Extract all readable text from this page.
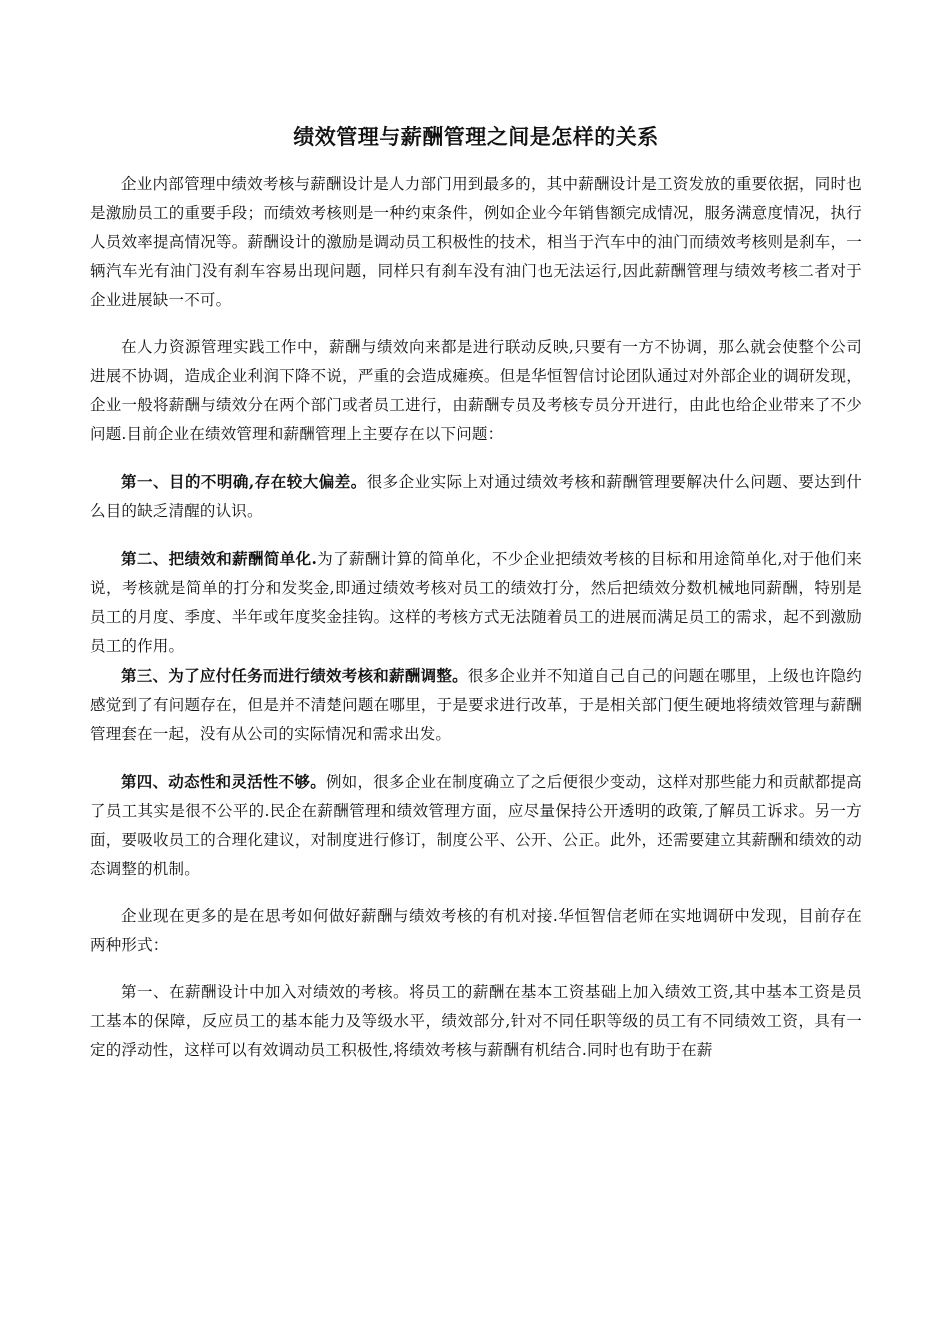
绩效管理与薪酬管理之间是怎样的关系

企业内部管理中绩效考核与薪酬设计是人力部门用到最多的，其中薪酬设计是工资发放的重要依据，同时也是激励员工的重要手段；而绩效考核则是一种约束条件，例如企业今年销售额完成情况，服务满意度情况，执行人员效率提高情况等。薪酬设计的激励是调动员工积极性的技术，相当于汽车中的油门而绩效考核则是刹车，一辆汽车光有油门没有刹车容易出现问题，同样只有刹车没有油门也无法运行,因此薪酬管理与绩效考核二者对于企业进展缺一不可。

在人力资源管理实践工作中，薪酬与绩效向来都是进行联动反映,只要有一方不协调，那么就会使整个公司进展不协调，造成企业利润下降不说，严重的会造成瘫痪。但是华恒智信讨论团队通过对外部企业的调研发现，企业一般将薪酬与绩效分在两个部门或者员工进行，由薪酬专员及考核专员分开进行，由此也给企业带来了不少问题.目前企业在绩效管理和薪酬管理上主要存在以下问题：

第一、目的不明确,存在较大偏差。很多企业实际上对通过绩效考核和薪酬管理要解决什么问题、要达到什么目的缺乏清醒的认识。

第二、把绩效和薪酬简单化.为了薪酬计算的简单化，不少企业把绩效考核的目标和用途简单化,对于他们来说，考核就是简单的打分和发奖金,即通过绩效考核对员工的绩效打分，然后把绩效分数机械地同薪酬，特别是员工的月度、季度、半年或年度奖金挂钩。这样的考核方式无法随着员工的进展而满足员工的需求，起不到激励员工的作用。

第三、为了应付任务而进行绩效考核和薪酬调整。很多企业并不知道自己自己的问题在哪里，上级也许隐约感觉到了有问题存在，但是并不清楚问题在哪里，于是要求进行改革，于是相关部门便生硬地将绩效管理与薪酬管理套在一起，没有从公司的实际情况和需求出发。

第四、动态性和灵活性不够。例如，很多企业在制度确立了之后便很少变动，这样对那些能力和贡献都提高了员工其实是很不公平的.民企在薪酬管理和绩效管理方面，应尽量保持公开透明的政策,了解员工诉求。另一方面，要吸收员工的合理化建议，对制度进行修订，制度公平、公开、公正。此外，还需要建立其薪酬和绩效的动态调整的机制。

企业现在更多的是在思考如何做好薪酬与绩效考核的有机对接.华恒智信老师在实地调研中发现，目前存在两种形式：

第一、在薪酬设计中加入对绩效的考核。将员工的薪酬在基本工资基础上加入绩效工资,其中基本工资是员工基本的保障，反应员工的基本能力及等级水平，绩效部分,针对不同任职等级的员工有不同绩效工资，具有一定的浮动性，这样可以有效调动员工积极性,将绩效考核与薪酬有机结合.同时也有助于在薪
